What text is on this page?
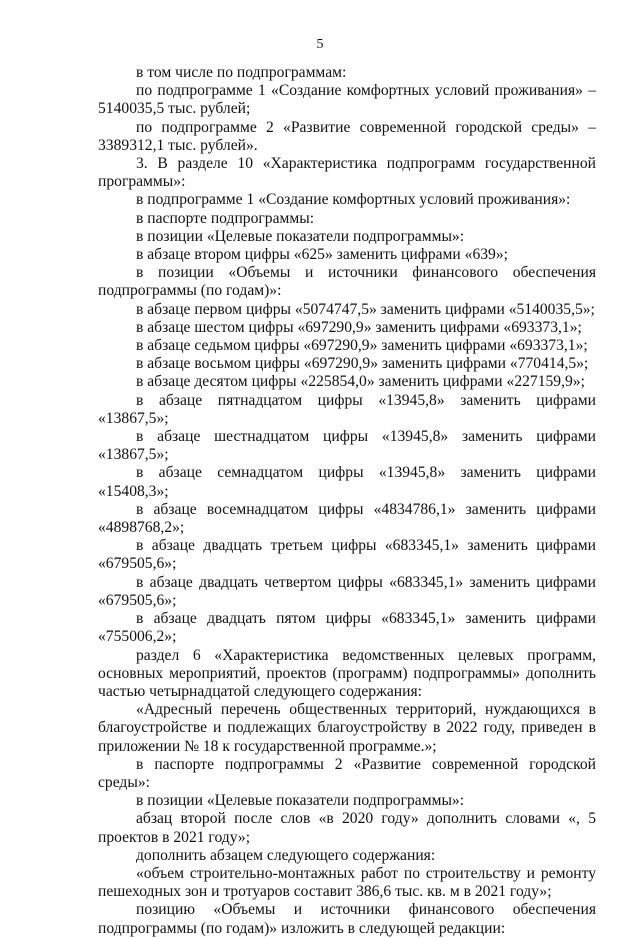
5

в том числе по подпрограммам:

по подпрограмме 1 «Создание комфортных условий проживания» – 5140035,5 тыс. рублей;

по подпрограмме 2 «Развитие современной городской среды» – 3389312,1 тыс. рублей».

3. В разделе 10 «Характеристика подпрограмм государственной программы»:

в подпрограмме 1 «Создание комфортных условий проживания»:

в паспорте подпрограммы:

в позиции «Целевые показатели подпрограммы»:

в абзаце втором цифры «625» заменить цифрами «639»;

в позиции «Объемы и источники финансового обеспечения подпрограммы (по годам)»:

в абзаце первом цифры «5074747,5» заменить цифрами «5140035,5»;

в абзаце шестом цифры «697290,9» заменить цифрами «693373,1»;

в абзаце седьмом цифры «697290,9» заменить цифрами «693373,1»;

в абзаце восьмом цифры «697290,9» заменить цифрами «770414,5»;

в абзаце десятом цифры «225854,0» заменить цифрами «227159,9»;

в абзаце пятнадцатом цифры «13945,8» заменить цифрами «13867,5»;

в абзаце шестнадцатом цифры «13945,8» заменить цифрами «13867,5»;

в абзаце семнадцатом цифры «13945,8» заменить цифрами «15408,3»;

в абзаце восемнадцатом цифры «4834786,1» заменить цифрами «4898768,2»;

в абзаце двадцать третьем цифры «683345,1» заменить цифрами «679505,6»;

в абзаце двадцать четвертом цифры «683345,1» заменить цифрами «679505,6»;

в абзаце двадцать пятом цифры «683345,1» заменить цифрами «755006,2»;

раздел 6 «Характеристика ведомственных целевых программ, основных мероприятий, проектов (программ) подпрограммы» дополнить частью четырнадцатой следующего содержания:

«Адресный перечень общественных территорий, нуждающихся в благоустройстве и подлежащих благоустройству в 2022 году, приведен в приложении № 18 к государственной программе.»;

в паспорте подпрограммы 2 «Развитие современной городской среды»:

в позиции «Целевые показатели подпрограммы»:

абзац второй после слов «в 2020 году» дополнить словами «, 5 проектов в 2021 году»;

дополнить абзацем следующего содержания:

«объем строительно-монтажных работ по строительству и ремонту пешеходных зон и тротуаров составит 386,6 тыс. кв. м в 2021 году»;

позицию «Объемы и источники финансового обеспечения подпрограммы (по годам)» изложить в следующей редакции:
